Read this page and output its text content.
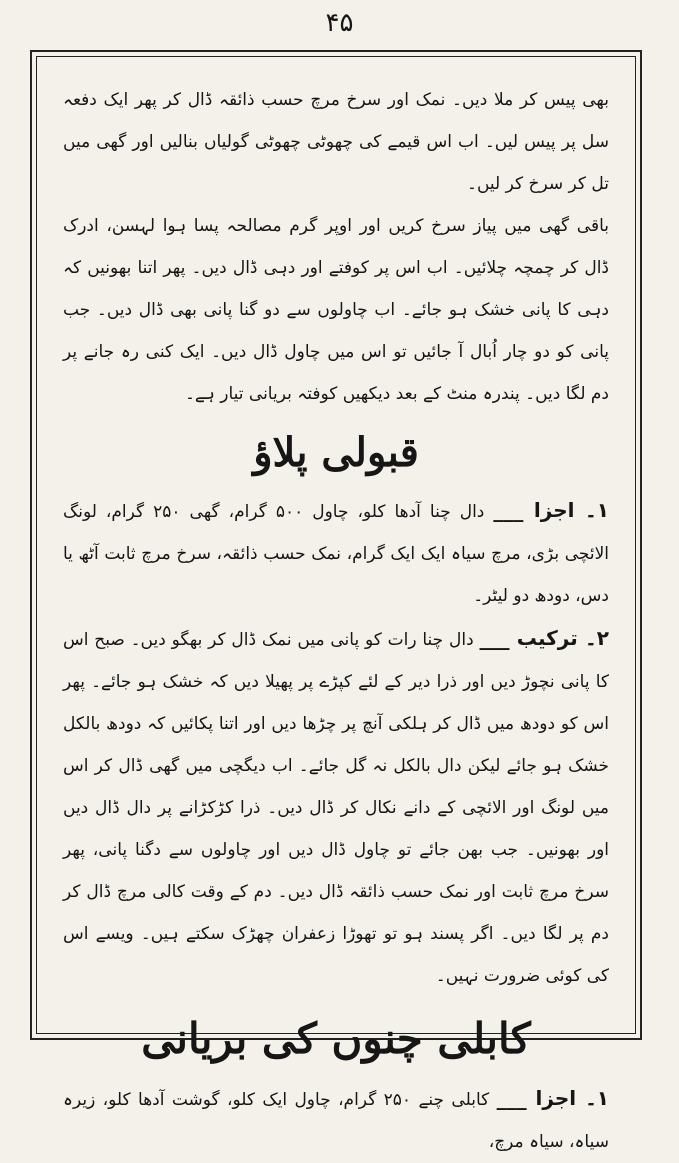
۴۵

بھی پیس کر ملا دیں۔ نمک اور سرخ مرچ حسب ذائقہ ڈال کر پھر ایک دفعہ سل پر پیس لیں۔ اب اس قیمے کی چھوٹی چھوٹی گولیاں بنالیں اور گھی میں تل کر سرخ کر لیں۔

باقی گھی میں پیاز سرخ کریں اور اوپر گرم مصالحہ پسا ہوا لہسن، ادرک ڈال کر چمچہ چلائیں۔ اب اس پر کوفتے اور دہی ڈال دیں۔ پھر اتنا بھونیں کہ دہی کا پانی خشک ہو جائے۔ اب چاولوں سے دو گنا پانی بھی ڈال دیں۔ جب پانی کو دو چار اُبال آ جائیں تو اس میں چاول ڈال دیں۔ ایک کنی رہ جانے پر دم لگا دیں۔ پندرہ منٹ کے بعد دیکھیں کوفتہ بریانی تیار ہے۔

قبولی پلاؤ

۱۔ اجزا ___ دال چنا آدھا کلو، چاول ۵۰۰ گرام، گھی ۲۵۰ گرام، لونگ الائچی بڑی، مرچ سیاہ ایک ایک گرام، نمک حسب ذائقہ، سرخ مرچ ثابت آٹھ یا دس، دودھ دو لیٹر۔

۲۔ ترکیب ___ دال چنا رات کو پانی میں نمک ڈال کر بھگو دیں۔ صبح اس کا پانی نچوڑ دیں اور ذرا دیر کے لئے کپڑے پر پھیلا دیں کہ خشک ہو جائے۔ پھر اس کو دودھ میں ڈال کر ہلکی آنچ پر چڑھا دیں اور اتنا پکائیں کہ دودھ بالکل خشک ہو جائے لیکن دال بالکل نہ گل جائے۔ اب دیگچی میں گھی ڈال کر اس میں لونگ اور الائچی کے دانے نکال کر ڈال دیں۔ ذرا کڑکڑانے پر دال ڈال دیں اور بھونیں۔ جب بھن جائے تو چاول ڈال دیں اور چاولوں سے دگنا پانی، پھر سرخ مرچ ثابت اور نمک حسب ذائقہ ڈال دیں۔ دم کے وقت کالی مرچ ڈال کر دم پر لگا دیں۔ اگر پسند ہو تو تھوڑا زعفران چھڑک سکتے ہیں۔ ویسے اس کی کوئی ضرورت نہیں۔

کابلی چنوں کی بریانی

۱۔ اجزا ___ کابلی چنے ۲۵۰ گرام، چاول ایک کلو، گوشت آدھا کلو، زیرہ سیاہ، سیاہ مرچ،
